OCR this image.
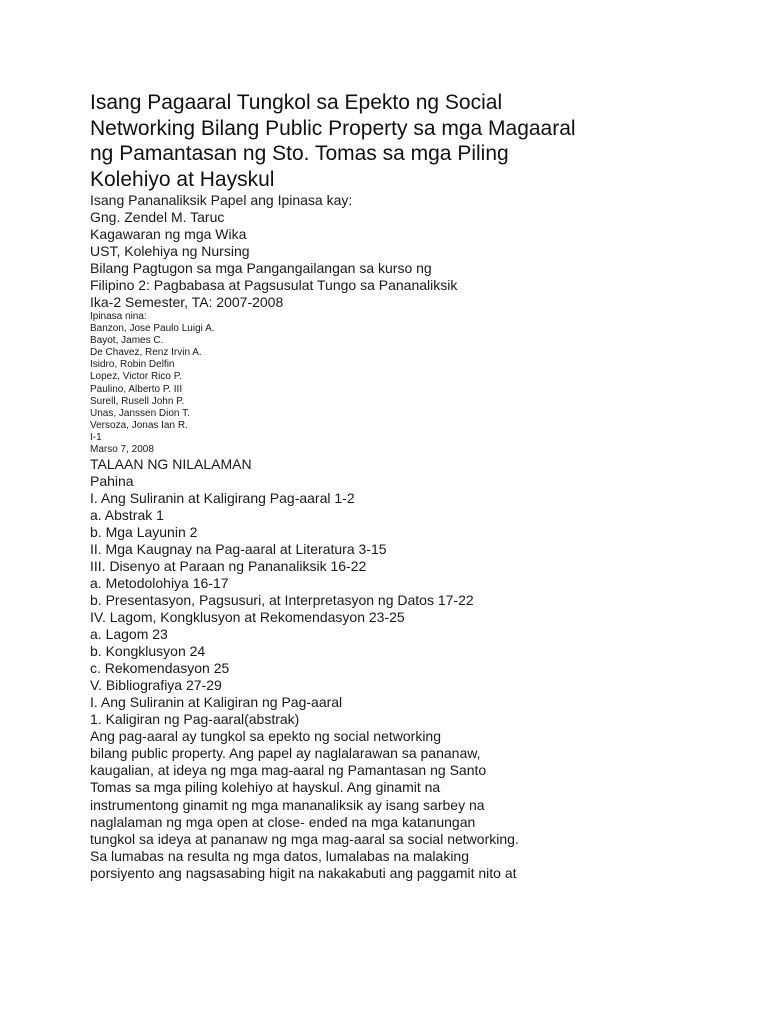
Isang Pagaaral Tungkol sa Epekto ng Social
Networking Bilang Public Property sa mga Magaaral
ng Pamantasan ng Sto. Tomas sa mga Piling
Kolehiyo at Hayskul
Isang Pananaliksik Papel ang Ipinasa kay:
Gng. Zendel M. Taruc
Kagawaran ng mga Wika
UST, Kolehiya ng Nursing
Bilang Pagtugon sa mga Pangangailangan sa kurso ng
Filipino 2: Pagbabasa at Pagsusulat Tungo sa Pananaliksik
Ika-2 Semester, TA: 2007-2008
Ipinasa nina:
Banzon, Jose Paulo Luigi A.
Bayot, James C.
De Chavez, Renz Irvin A.
Isidro, Robin Delfin
Lopez, Victor Rico P.
Paulino, Alberto P. III
Surell, Rusell John P.
Unas, Janssen Dion T.
Versoza, Jonas Ian R.
I-1
Marso 7, 2008
TALAAN NG NILALAMAN
Pahina
I. Ang Suliranin at Kaligirang Pag-aaral 1-2
a. Abstrak 1
b. Mga Layunin 2
II. Mga Kaugnay na Pag-aaral at Literatura 3-15
III. Disenyo at Paraan ng Pananaliksik 16-22
a. Metodolohiya 16-17
b. Presentasyon, Pagsusuri, at Interpretasyon ng Datos 17-22
IV. Lagom, Kongklusyon at Rekomendasyon 23-25
a. Lagom 23
b. Kongklusyon 24
c. Rekomendasyon 25
V. Bibliografiya 27-29
I. Ang Suliranin at Kaligiran ng Pag-aaral
1. Kaligiran ng Pag-aaral(abstrak)
Ang pag-aaral ay tungkol sa epekto ng social networking
bilang public property. Ang papel ay naglalarawan sa pananaw,
kaugalian, at ideya ng mga mag-aaral ng Pamantasan ng Santo
Tomas sa mga piling kolehiyo at hayskul. Ang ginamit na
instrumentong ginamit ng mga mananaliksik ay isang sarbey na
naglalaman ng mga open at close- ended na mga katanungan
tungkol sa ideya at pananaw ng mga mag-aaral sa social networking.
Sa lumabas na resulta ng mga datos, lumalabas na malaking
porsiyento ang nagsasabing higit na nakakabuti ang paggamit nito at
